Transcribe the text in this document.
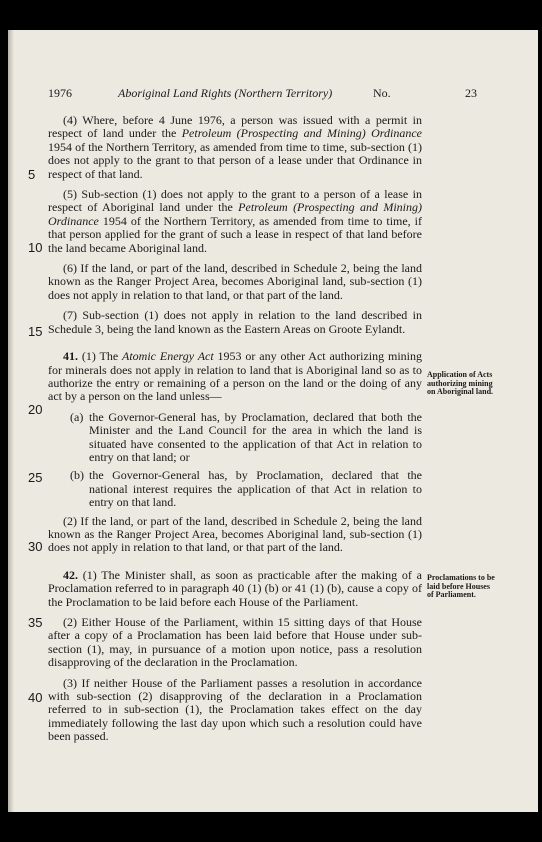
1976	Aboriginal Land Rights (Northern Territory)	No.	23
5
10
15
20
25
30
35
40
Application of Acts authorizing mining on Aboriginal land.
Proclamations to be laid before Houses of Parliament.

(4) Where, before 4 June 1976, a person was issued with a permit in respect of land under the Petroleum (Prospecting and Mining) Ordinance 1954 of the Northern Territory, as amended from time to time, sub-section (1) does not apply to the grant to that person of a lease under that Ordinance in respect of that land.

(5) Sub-section (1) does not apply to the grant to a person of a lease in respect of Aboriginal land under the Petroleum (Prospecting and Mining) Ordinance 1954 of the Northern Territory, as amended from time to time, if that person applied for the grant of such a lease in respect of that land before the land became Aboriginal land.

(6) If the land, or part of the land, described in Schedule 2, being the land known as the Ranger Project Area, becomes Aboriginal land, sub-section (1) does not apply in relation to that land, or that part of the land.

(7) Sub-section (1) does not apply in relation to the land described in Schedule 3, being the land known as the Eastern Areas on Groote Eylandt.

41. (1) The Atomic Energy Act 1953 or any other Act authorizing mining for minerals does not apply in relation to land that is Aboriginal land so as to authorize the entry or remaining of a person on the land or the doing of any act by a person on the land unless—

(a) the Governor-General has, by Proclamation, declared that both the Minister and the Land Council for the area in which the land is situated have consented to the application of that Act in relation to entry on that land; or
(b) the Governor-General has, by Proclamation, declared that the national interest requires the application of that Act in relation to entry on that land.

(2) If the land, or part of the land, described in Schedule 2, being the land known as the Ranger Project Area, becomes Aboriginal land, sub-section (1) does not apply in relation to that land, or that part of the land.

42. (1) The Minister shall, as soon as practicable after the making of a Proclamation referred to in paragraph 40 (1) (b) or 41 (1) (b), cause a copy of the Proclamation to be laid before each House of the Parliament.

(2) Either House of the Parliament, within 15 sitting days of that House after a copy of a Proclamation has been laid before that House under sub-section (1), may, in pursuance of a motion upon notice, pass a resolution disapproving of the declaration in the Proclamation.

(3) If neither House of the Parliament passes a resolution in accordance with sub-section (2) disapproving of the declaration in a Proclamation referred to in sub-section (1), the Proclamation takes effect on the day immediately following the last day upon which such a resolution could have been passed.
